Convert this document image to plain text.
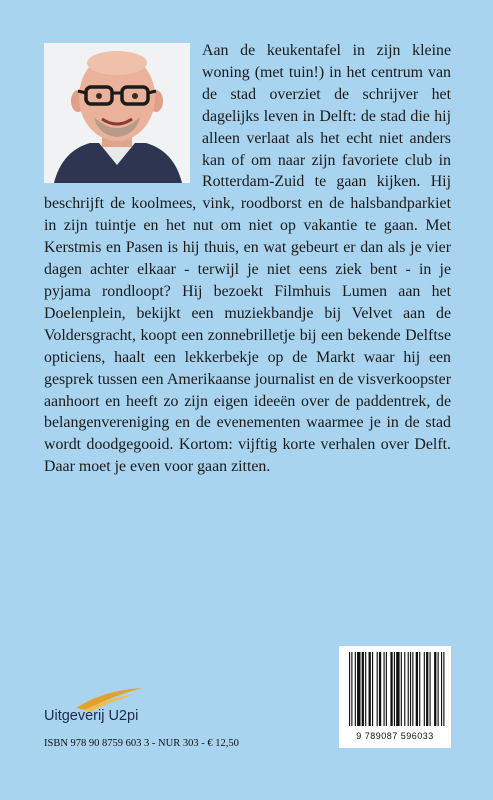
Aan de keukentafel in zijn kleine woning (met tuin!) in het centrum van de stad overziet de schrijver het dagelijks leven in Delft: de stad die hij alleen verlaat als het echt niet anders kan of om naar zijn favoriete club in Rotterdam-Zuid te gaan kijken. Hij beschrijft de koolmees, vink, roodborst en de halsbandparkiet in zijn tuintje en het nut om niet op vakantie te gaan. Met Kerstmis en Pasen is hij thuis, en wat gebeurt er dan als je vier dagen achter elkaar - terwijl je niet eens ziek bent - in je pyjama rondloopt? Hij bezoekt Filmhuis Lumen aan het Doelenplein, bekijkt een muziekbandje bij Velvet aan de Voldersgracht, koopt een zonnebrilletje bij een bekende Delftse opticiens, haalt een lekkerbekje op de Markt waar hij een gesprek tussen een Amerikaanse journalist en de visverkoopster aanhoort en heeft zo zijn eigen ideeën over de paddentrek, de belangenvereniging en de evenementen waarmee je in de stad wordt doodgegooid. Kortom: vijftig korte verhalen over Delft. Daar moet je even voor gaan zitten.

Uitgeverij U2pi
ISBN 978 90 8759 603 3 - NUR 303 - € 12,50
9 789087 596033
